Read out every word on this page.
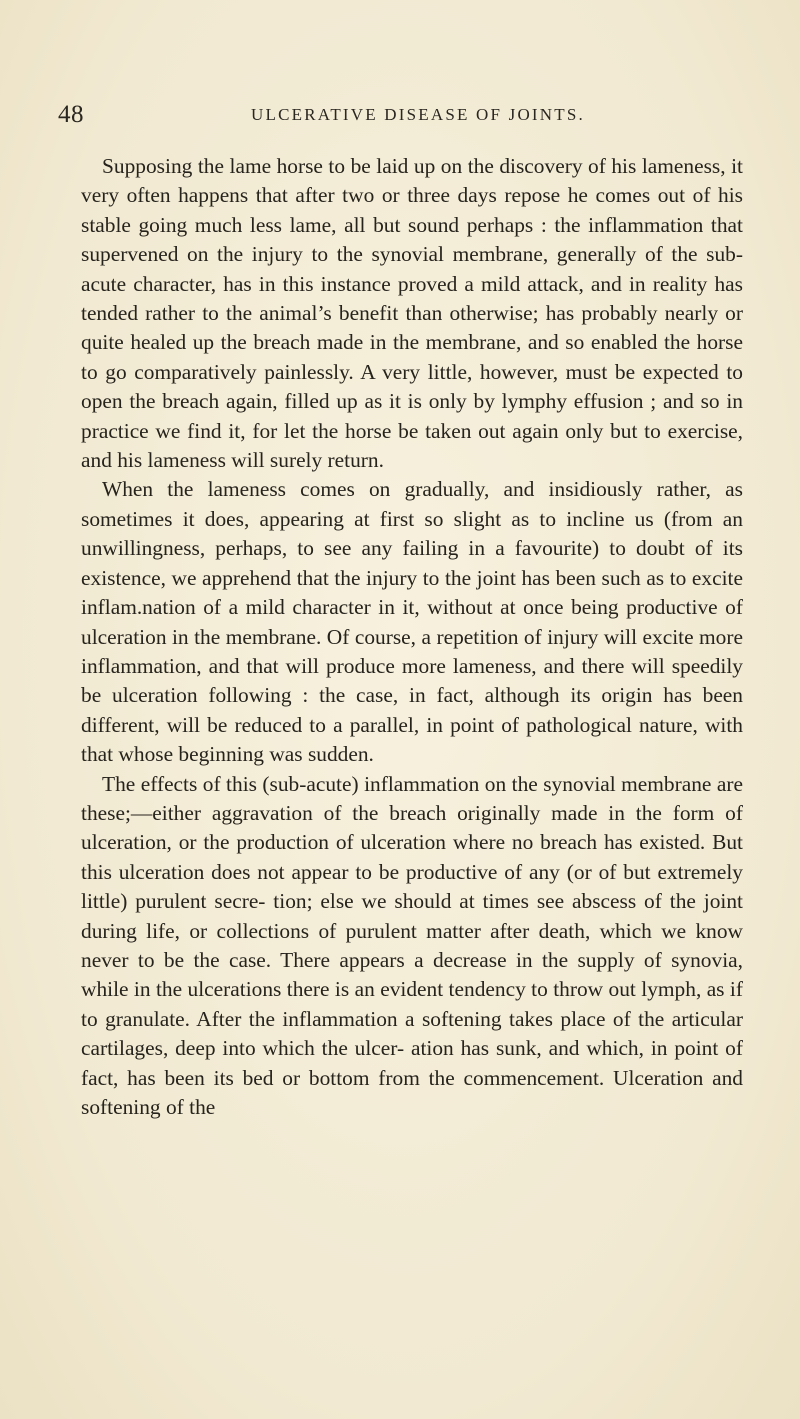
48	ULCERATIVE DISEASE OF JOINTS.

Supposing the lame horse to be laid up on the discovery of his lameness, it very often happens that after two or three days repose he comes out of his stable going much less lame, all but sound perhaps : the inflammation that supervened on the injury to the synovial membrane, generally of the sub-acute character, has in this instance proved a mild attack, and in reality has tended rather to the animal’s benefit than otherwise; has probably nearly or quite healed up the breach made in the membrane, and so enabled the horse to go comparatively painlessly. A very little, however, must be expected to open the breach again, filled up as it is only by lymphy effusion ; and so in practice we find it, for let the horse be taken out again only but to exercise, and his lameness will surely return.

When the lameness comes on gradually, and insidiously rather, as sometimes it does, appearing at first so slight as to incline us (from an unwillingness, perhaps, to see any failing in a favourite) to doubt of its existence, we apprehend that the injury to the joint has been such as to excite inflam.nation of a mild character in it, without at once being productive of ulceration in the membrane. Of course, a repetition of injury will excite more inflammation, and that will produce more lameness, and there will speedily be ulceration following : the case, in fact, although its origin has been different, will be reduced to a parallel, in point of pathological nature, with that whose beginning was sudden.

The effects of this (sub-acute) inflammation on the synovial membrane are these;—either aggravation of the breach originally made in the form of ulceration, or the production of ulceration where no breach has existed. But this ulceration does not appear to be productive of any (or of but extremely little) purulent secre- tion; else we should at times see abscess of the joint during life, or collections of purulent matter after death, which we know never to be the case. There appears a decrease in the supply of synovia, while in the ulcerations there is an evident tendency to throw out lymph, as if to granulate. After the inflammation a softening takes place of the articular cartilages, deep into which the ulcer- ation has sunk, and which, in point of fact, has been its bed or bottom from the commencement. Ulceration and softening of the
